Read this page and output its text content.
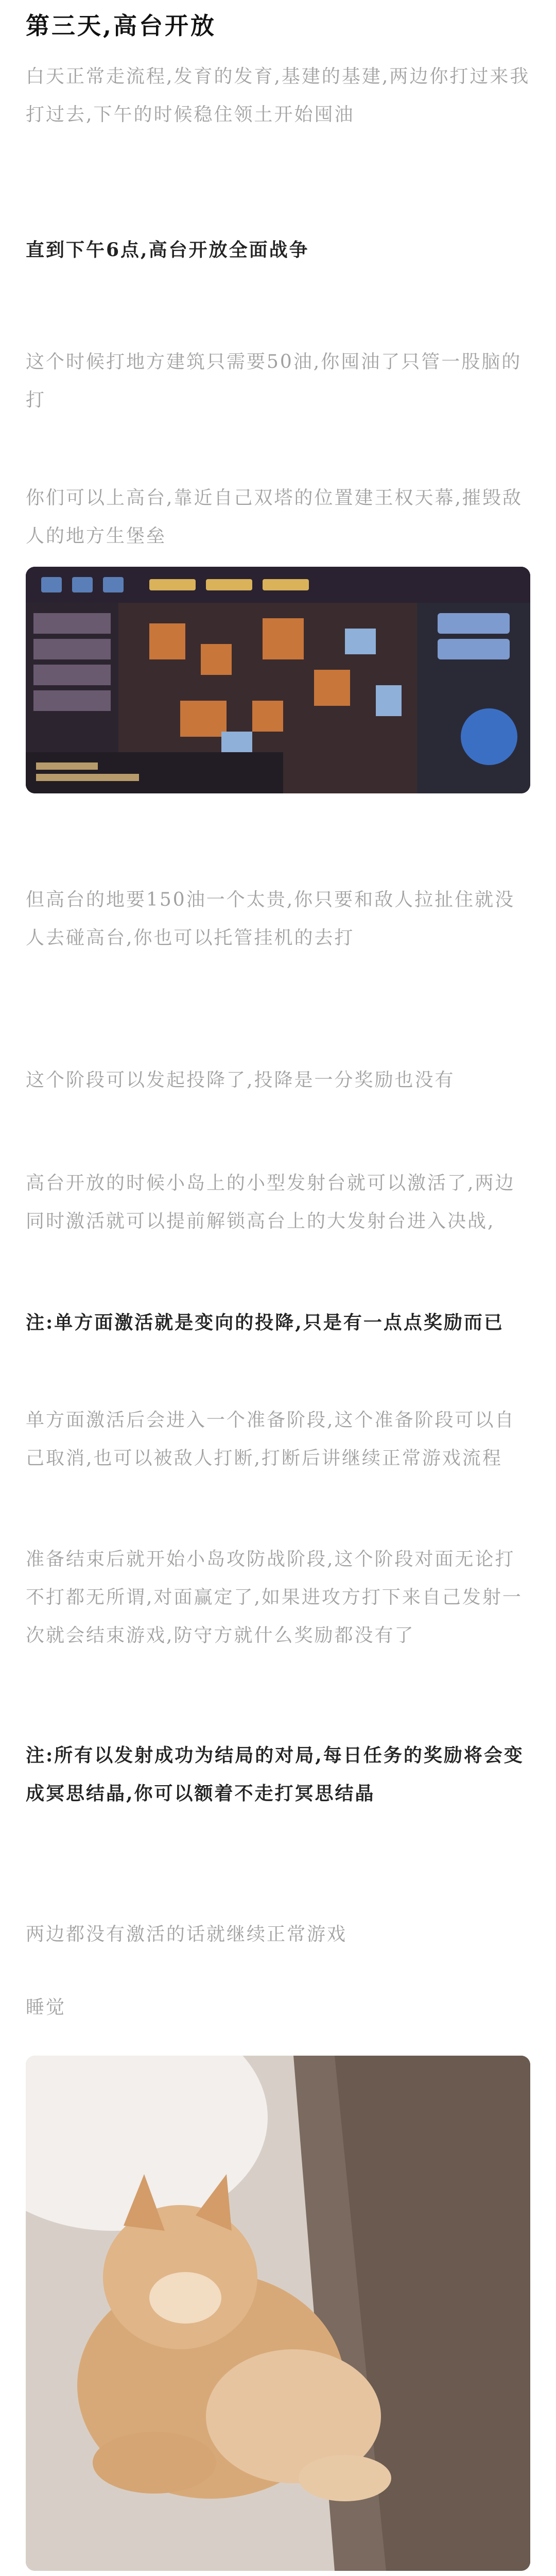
第三天,高台开放

白天正常走流程,发育的发育,基建的基建,两边你打过来我打过去,下午的时候稳住领土开始囤油

直到下午6点,高台开放全面战争

这个时候打地方建筑只需要50油,你囤油了只管一股脑的打

你们可以上高台,靠近自己双塔的位置建王权天幕,摧毁敌人的地方生堡垒

但高台的地要150油一个太贵,你只要和敌人拉扯住就没人去碰高台,你也可以托管挂机的去打

这个阶段可以发起投降了,投降是一分奖励也没有

高台开放的时候小岛上的小型发射台就可以激活了,两边同时激活就可以提前解锁高台上的大发射台进入决战,

注:单方面激活就是变向的投降,只是有一点点奖励而已

单方面激活后会进入一个准备阶段,这个准备阶段可以自己取消,也可以被敌人打断,打断后讲继续正常游戏流程

准备结束后就开始小岛攻防战阶段,这个阶段对面无论打不打都无所谓,对面赢定了,如果进攻方打下来自己发射一次就会结束游戏,防守方就什么奖励都没有了

注:所有以发射成功为结局的对局,每日任务的奖励将会变成冥思结晶,你可以额着不走打冥思结晶

两边都没有激活的话就继续正常游戏

睡觉
